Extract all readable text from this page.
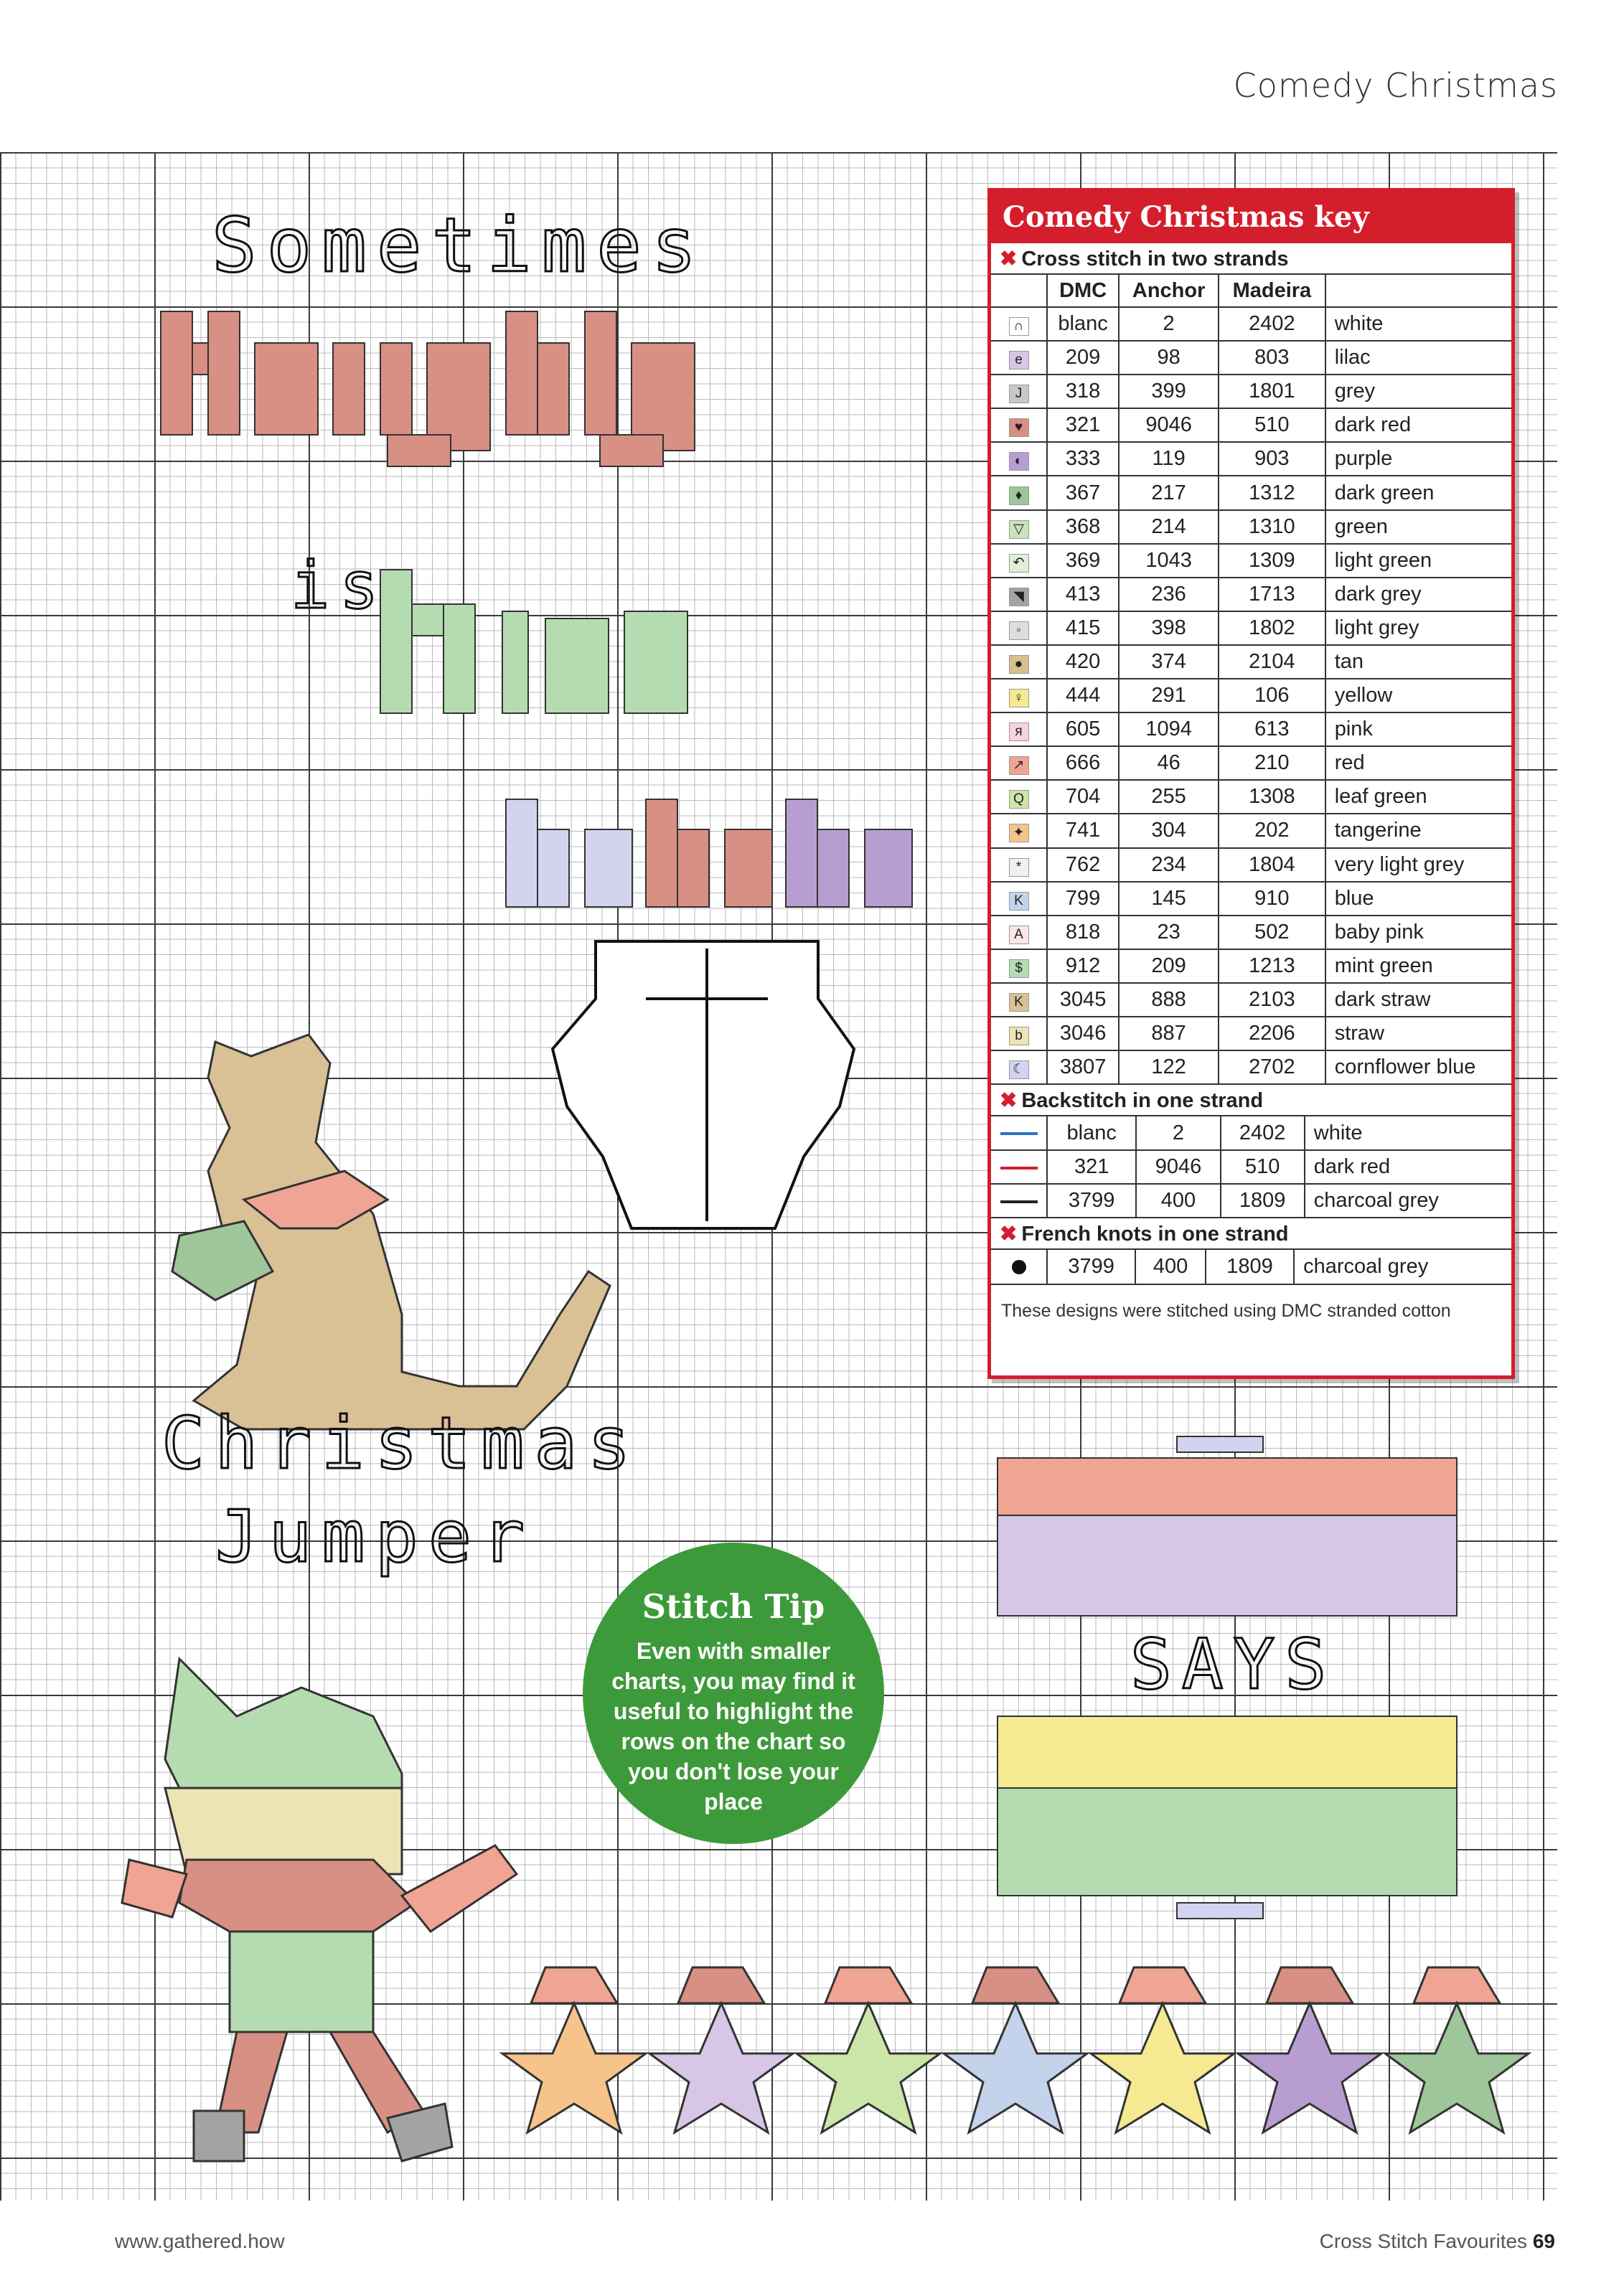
Comedy Christmas
Sometimes
is
Christmas
Jumper
SAYS
Comedy Christmas key
✖ Cross stitch in two strands
	DMC	Anchor	Madeira	
∩	blanc	2	2402	white
e	209	98	803	lilac
J	318	399	1801	grey
♥	321	9046	510	dark red
◐	333	119	903	purple
♦	367	217	1312	dark green
▽	368	214	1310	green
↶	369	1043	1309	light green
◥	413	236	1713	dark grey
◦	415	398	1802	light grey
●	420	374	2104	tan
♀	444	291	106	yellow
я	605	1094	613	pink
↗	666	46	210	red
Q	704	255	1308	leaf green
✦	741	304	202	tangerine
*	762	234	1804	very light grey
K	799	145	910	blue
A	818	23	502	baby pink
$	912	209	1213	mint green
K	3045	888	2103	dark straw
b	3046	887	2206	straw
☾	3807	122	2702	cornflower blue
✖ Backstitch in one strand
	blanc	2	2402	white
	321	9046	510	dark red
	3799	400	1809	charcoal grey
✖ French knots in one strand
	3799	400	1809	charcoal grey
These designs were stitched using DMC stranded cotton
Stitch Tip
Even with smaller charts, you may find it useful to highlight the rows on the chart so you don't lose your place
www.gathered.how	Cross Stitch Favourites 69
